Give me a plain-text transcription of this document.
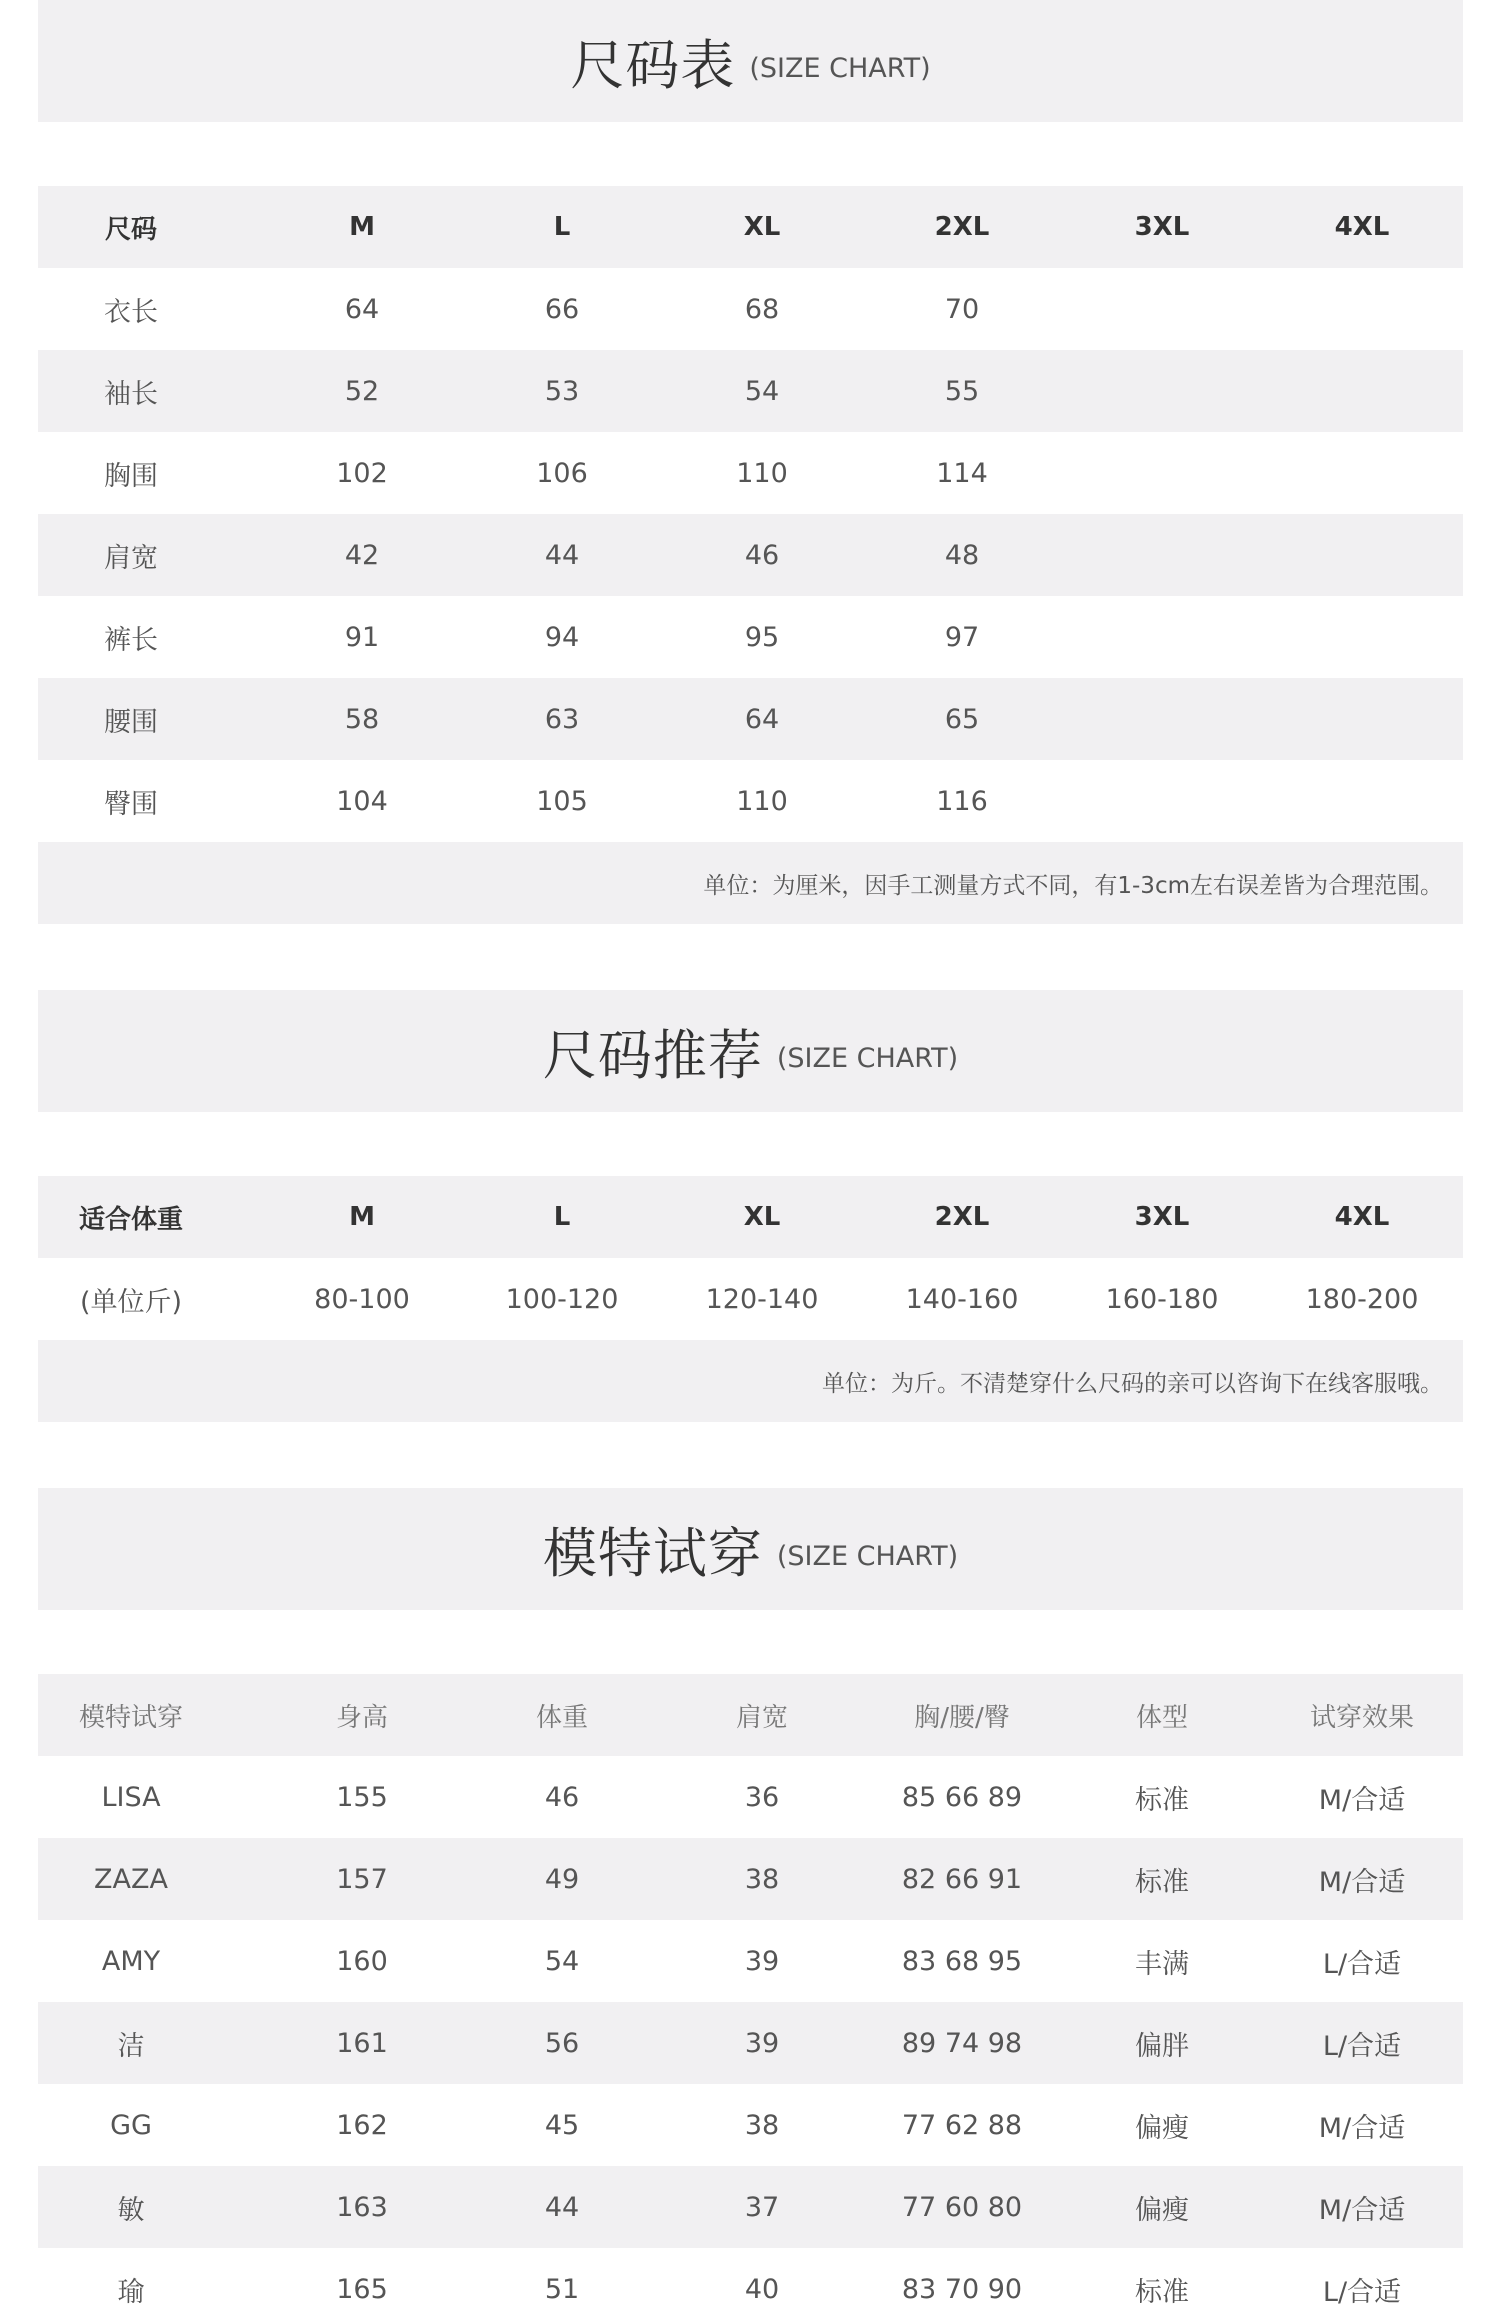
尺码表 (SIZE CHART)
尺码	M	L	XL	2XL	3XL	4XL
衣长	64	66	68	70
袖长	52	53	54	55
胸围	102	106	110	114
肩宽	42	44	46	48
裤长	91	94	95	97
腰围	58	63	64	65
臀围	104	105	110	116
单位：为厘米，因手工测量方式不同，有1-3cm左右误差皆为合理范围。
尺码推荐 (SIZE CHART)
适合体重	M	L	XL	2XL	3XL	4XL
(单位斤)	80-100	100-120	120-140	140-160	160-180	180-200
单位：为斤。不清楚穿什么尺码的亲可以咨询下在线客服哦。
模特试穿 (SIZE CHART)
模特试穿	身高	体重	肩宽	胸/腰/臀	体型	试穿效果
LISA	155	46	36	85 66 89	标准	M/合适
ZAZA	157	49	38	82 66 91	标准	M/合适
AMY	160	54	39	83 68 95	丰满	L/合适
洁	161	56	39	89 74 98	偏胖	L/合适
GG	162	45	38	77 62 88	偏瘦	M/合适
敏	163	44	37	77 60 80	偏瘦	M/合适
瑜	165	51	40	83 70 90	标准	L/合适
